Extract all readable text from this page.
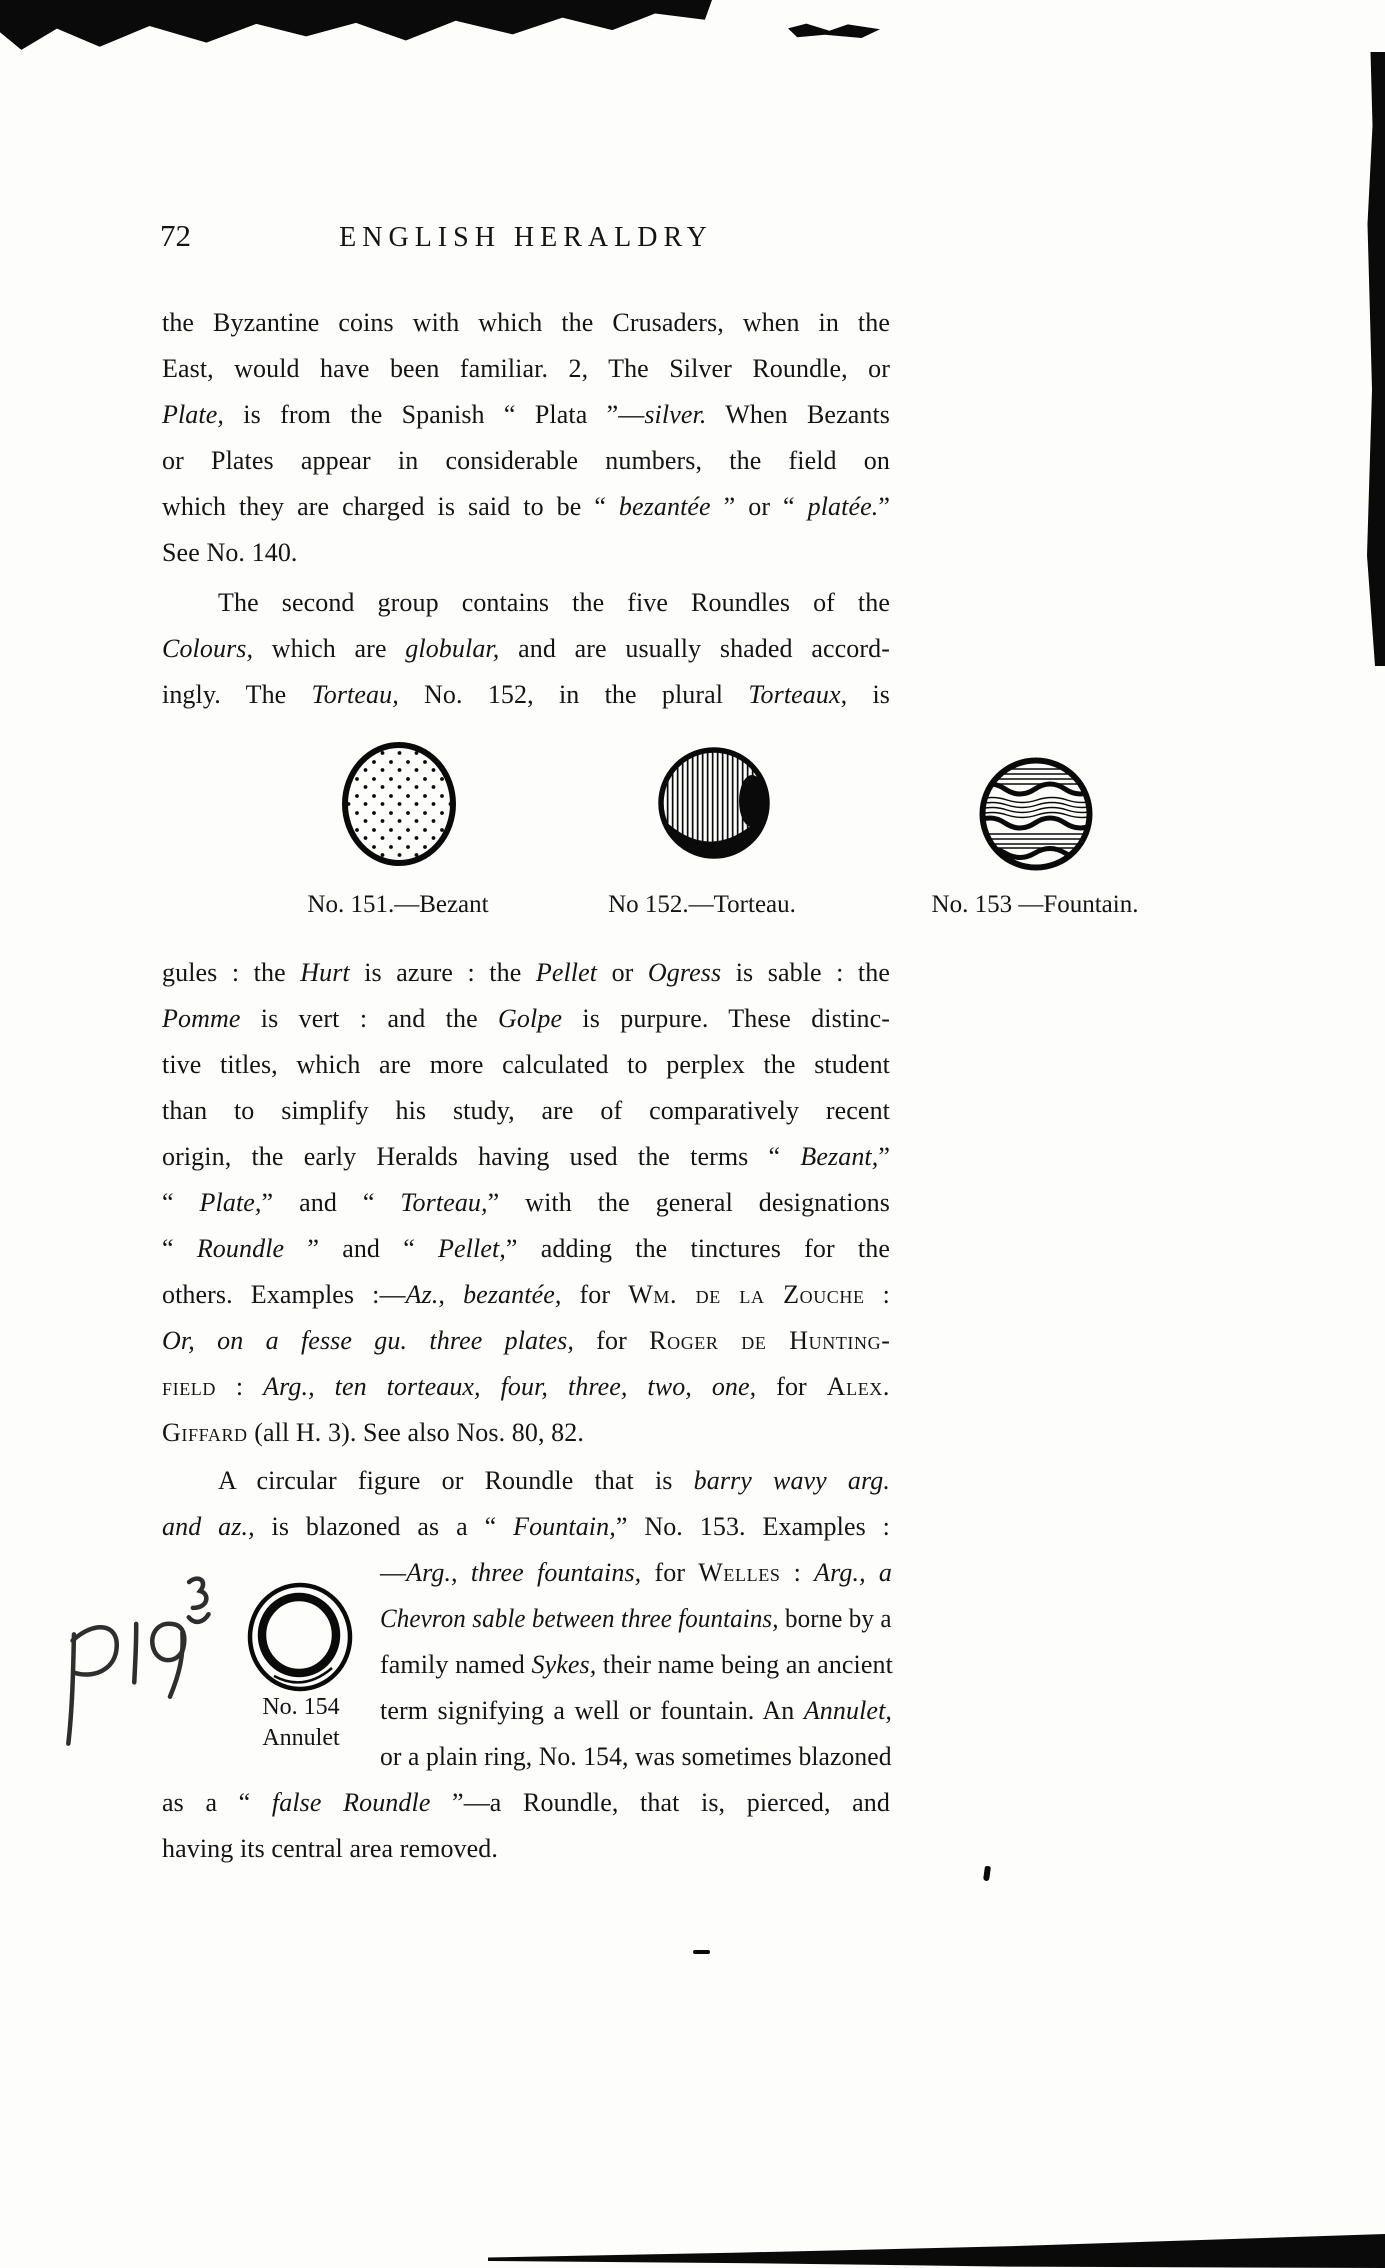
72	ENGLISH HERALDRY
the Byzantine coins with which the Crusaders, when in the
East, would have been familiar. 2, The Silver Roundle, or
Plate, is from the Spanish “ Plata ”—silver. When Bezants
or Plates appear in considerable numbers, the field on
which they are charged is said to be “ bezantée ” or “ platée.”
See No. 140.
The second group contains the five Roundles of the
Colours, which are globular, and are usually shaded accord-
ingly. The Torteau, No. 152, in the plural Torteaux, is
No. 151.—Bezant	No 152.—Torteau.	No. 153 —Fountain.
gules : the Hurt is azure : the Pellet or Ogress is sable : the
Pomme is vert : and the Golpe is purpure. These distinc-
tive titles, which are more calculated to perplex the student
than to simplify his study, are of comparatively recent
origin, the early Heralds having used the terms “ Bezant,”
“ Plate,” and “ Torteau,” with the general designations
“ Roundle ” and “ Pellet,” adding the tinctures for the
others. Examples :—Az., bezantée, for Wm. de la Zouche :
Or, on a fesse gu. three plates, for Roger de Hunting-
field : Arg., ten torteaux, four, three, two, one, for Alex.
Giffard (all H. 3). See also Nos. 80, 82.
A circular figure or Roundle that is barry wavy arg.
and az., is blazoned as a “ Fountain,” No. 153. Examples :
No. 154
Annulet
—Arg., three fountains, for Welles : Arg., a
Chevron sable between three fountains, borne by a
family named Sykes, their name being an ancient
term signifying a well or fountain. An Annulet,
or a plain ring, No. 154, was sometimes blazoned
as a “ false Roundle ”—a Roundle, that is, pierced, and
having its central area removed.
